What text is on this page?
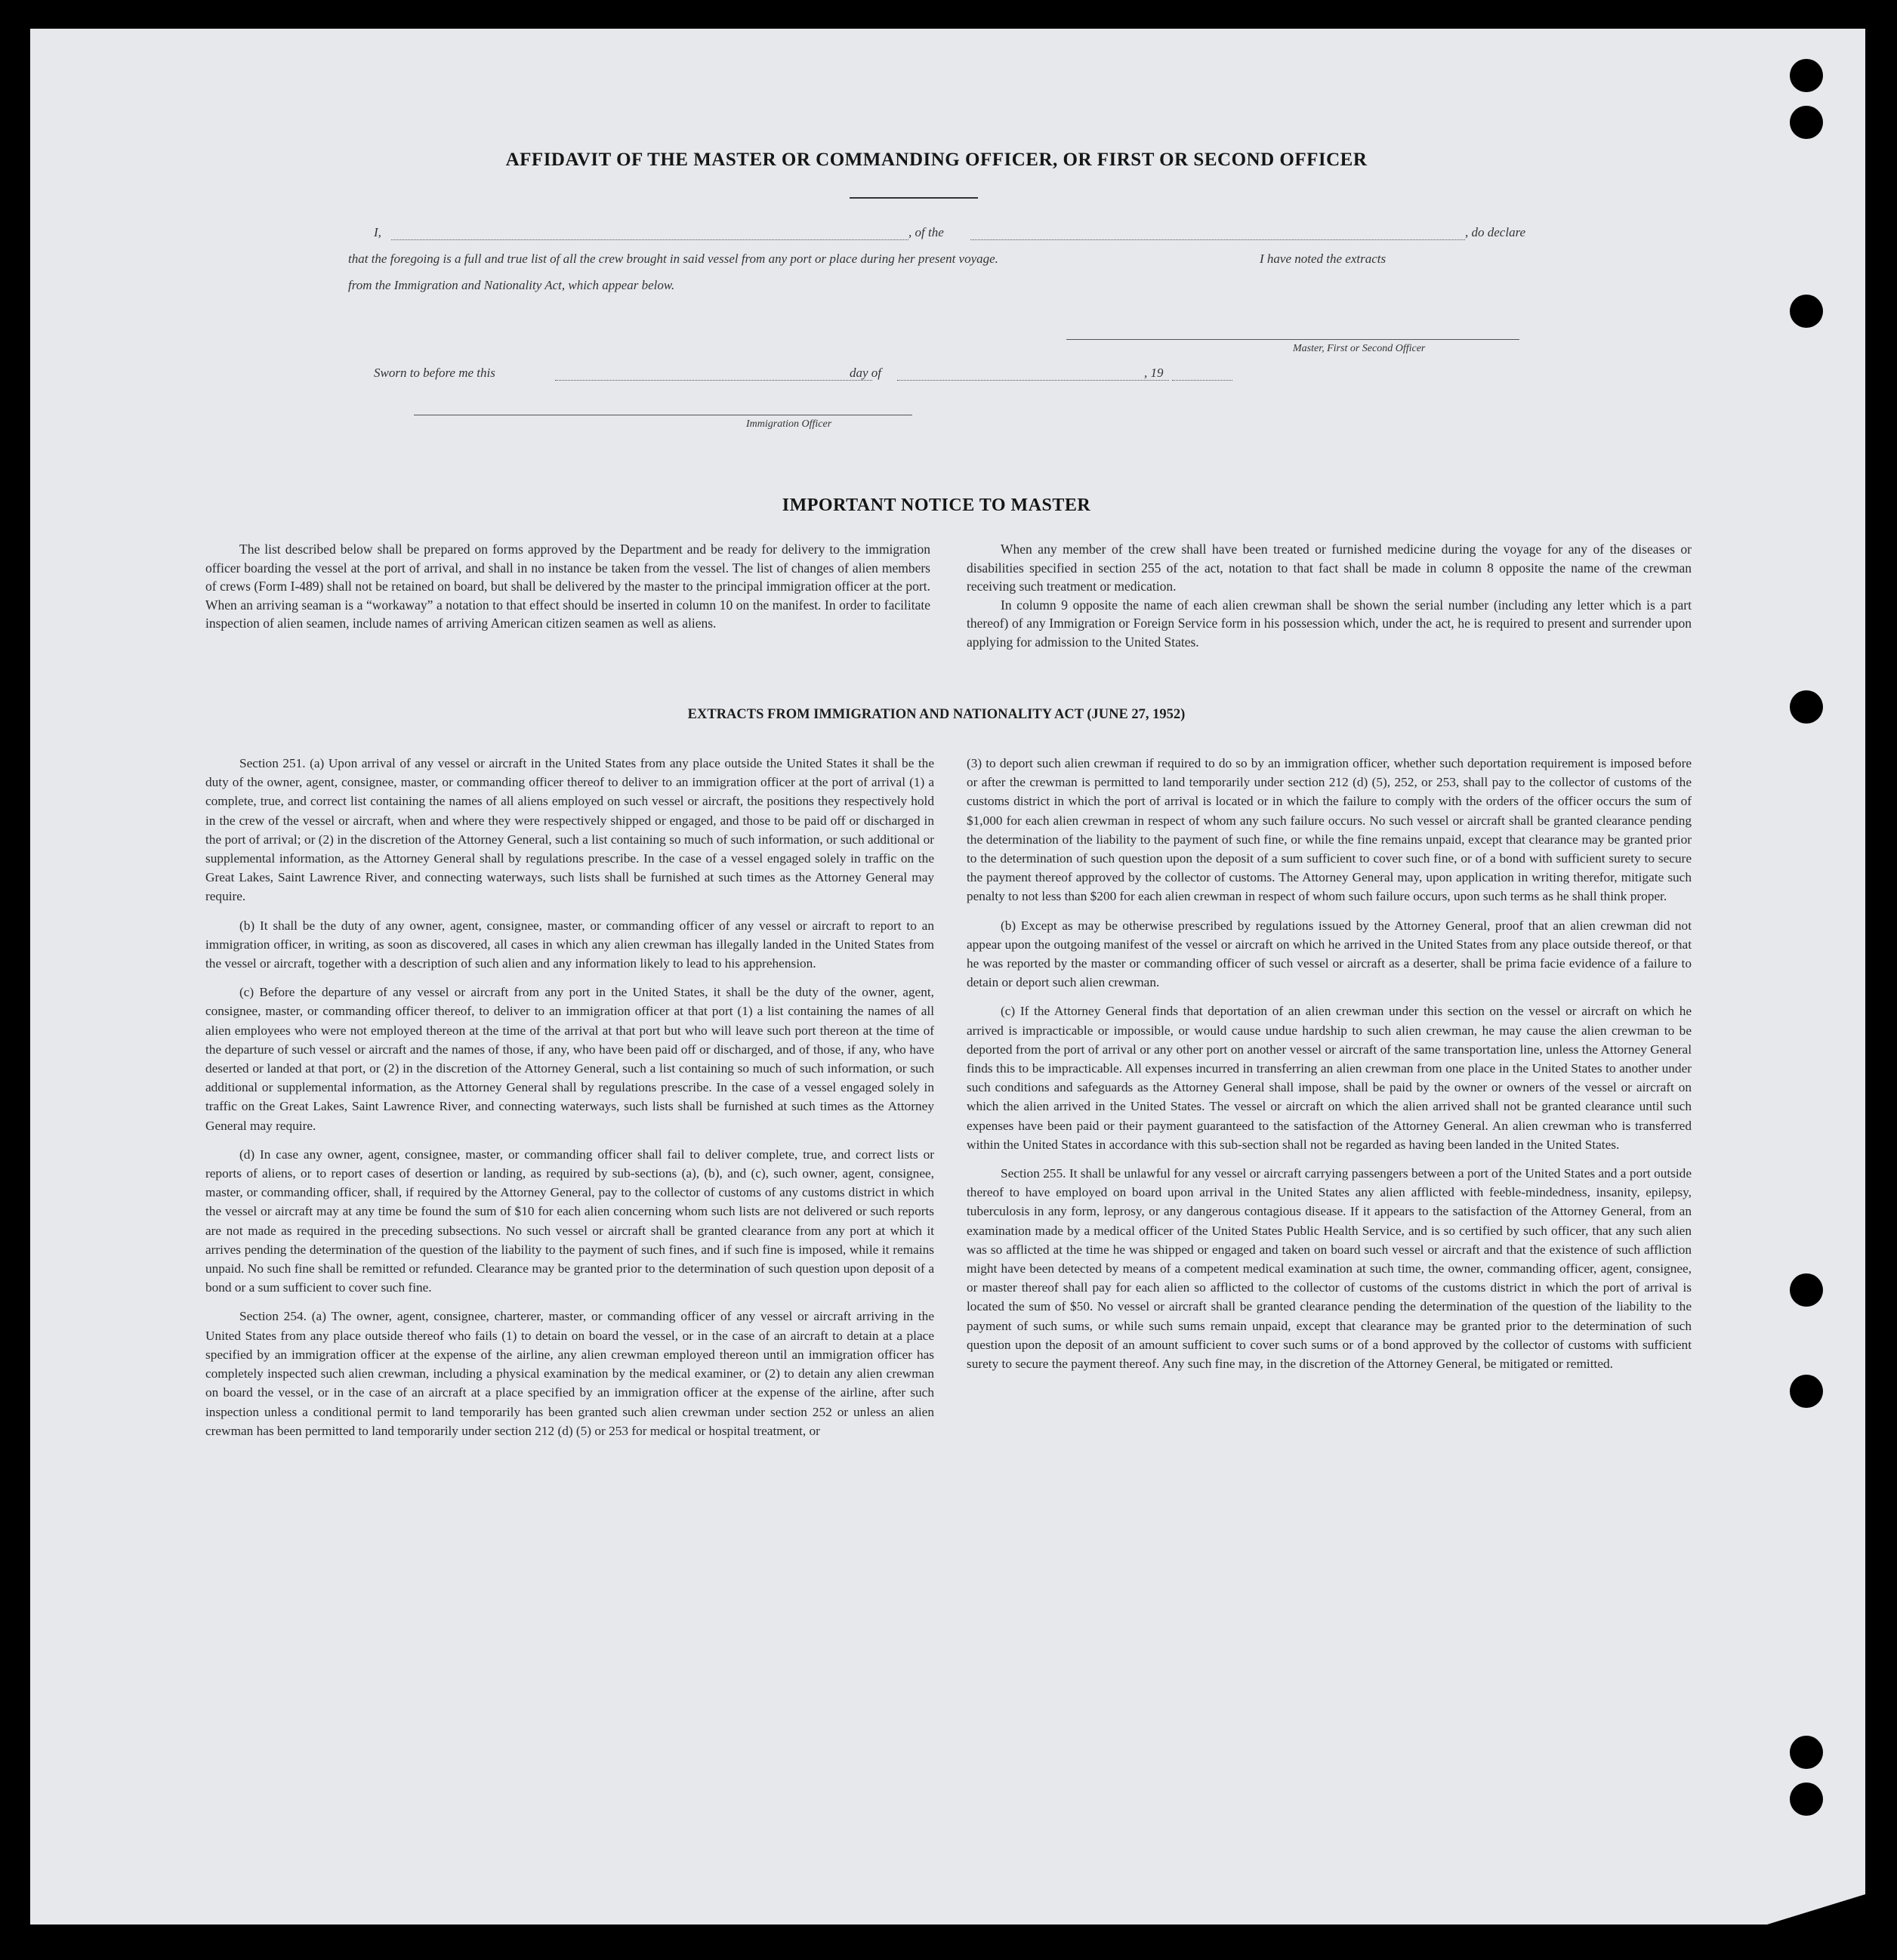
AFFIDAVIT OF THE MASTER OR COMMANDING OFFICER, OR FIRST OR SECOND OFFICER
I,	, of the	, do declare
that the foregoing is a full and true list of all the crew brought in said vessel from any port or place during her present voyage.	I have noted the extracts
from the Immigration and Nationality Act, which appear below.
Master, First or Second Officer
Sworn to before me this	day of	, 19
Immigration Officer
IMPORTANT NOTICE TO MASTER

The list described below shall be prepared on forms approved by the Department and be ready for delivery to the immigration officer boarding the vessel at the port of arrival, and shall in no instance be taken from the vessel. The list of changes of alien members of crews (Form I-489) shall not be retained on board, but shall be delivered by the master to the principal immigration officer at the port. When an arriving seaman is a “workaway” a notation to that effect should be inserted in column 10 on the manifest. In order to facilitate inspection of alien seamen, include names of arriving American citizen seamen as well as aliens.

When any member of the crew shall have been treated or furnished medicine during the voyage for any of the diseases or disabilities specified in section 255 of the act, notation to that fact shall be made in column 8 opposite the name of the crewman receiving such treatment or medication.

In column 9 opposite the name of each alien crewman shall be shown the serial number (including any letter which is a part thereof) of any Immigration or Foreign Service form in his possession which, under the act, he is required to present and surrender upon applying for admission to the United States.

EXTRACTS FROM IMMIGRATION AND NATIONALITY ACT (JUNE 27, 1952)

Section 251. (a) Upon arrival of any vessel or aircraft in the United States from any place outside the United States it shall be the duty of the owner, agent, consignee, master, or commanding officer thereof to deliver to an immigration officer at the port of arrival (1) a complete, true, and correct list containing the names of all aliens employed on such vessel or aircraft, the positions they respectively hold in the crew of the vessel or aircraft, when and where they were respectively shipped or engaged, and those to be paid off or discharged in the port of arrival; or (2) in the discretion of the Attorney General, such a list containing so much of such information, or such additional or supplemental information, as the Attorney General shall by regulations prescribe. In the case of a vessel engaged solely in traffic on the Great Lakes, Saint Lawrence River, and connecting waterways, such lists shall be furnished at such times as the Attorney General may require.

(b) It shall be the duty of any owner, agent, consignee, master, or commanding officer of any vessel or aircraft to report to an immigration officer, in writing, as soon as discovered, all cases in which any alien crewman has illegally landed in the United States from the vessel or aircraft, together with a description of such alien and any information likely to lead to his apprehension.

(c) Before the departure of any vessel or aircraft from any port in the United States, it shall be the duty of the owner, agent, consignee, master, or commanding officer thereof, to deliver to an immigration officer at that port (1) a list containing the names of all alien employees who were not employed thereon at the time of the arrival at that port but who will leave such port thereon at the time of the departure of such vessel or aircraft and the names of those, if any, who have been paid off or discharged, and of those, if any, who have deserted or landed at that port, or (2) in the discretion of the Attorney General, such a list containing so much of such information, or such additional or supplemental information, as the Attorney General shall by regulations prescribe. In the case of a vessel engaged solely in traffic on the Great Lakes, Saint Lawrence River, and connecting waterways, such lists shall be furnished at such times as the Attorney General may require.

(d) In case any owner, agent, consignee, master, or commanding officer shall fail to deliver complete, true, and correct lists or reports of aliens, or to report cases of desertion or landing, as required by sub-sections (a), (b), and (c), such owner, agent, consignee, master, or commanding officer, shall, if required by the Attorney General, pay to the collector of customs of any customs district in which the vessel or aircraft may at any time be found the sum of $10 for each alien concerning whom such lists are not delivered or such reports are not made as required in the preceding subsections. No such vessel or aircraft shall be granted clearance from any port at which it arrives pending the determination of the question of the liability to the payment of such fines, and if such fine is imposed, while it remains unpaid. No such fine shall be remitted or refunded. Clearance may be granted prior to the determination of such question upon deposit of a bond or a sum sufficient to cover such fine.

Section 254. (a) The owner, agent, consignee, charterer, master, or commanding officer of any vessel or aircraft arriving in the United States from any place outside thereof who fails (1) to detain on board the vessel, or in the case of an aircraft to detain at a place specified by an immigration officer at the expense of the airline, any alien crewman employed thereon until an immigration officer has completely inspected such alien crewman, including a physical examination by the medical examiner, or (2) to detain any alien crewman on board the vessel, or in the case of an aircraft at a place specified by an immigration officer at the expense of the airline, after such inspection unless a conditional permit to land temporarily has been granted such alien crewman under section 252 or unless an alien crewman has been permitted to land temporarily under section 212 (d) (5) or 253 for medical or hospital treatment, or

(3) to deport such alien crewman if required to do so by an immigration officer, whether such deportation requirement is imposed before or after the crewman is permitted to land temporarily under section 212 (d) (5), 252, or 253, shall pay to the collector of customs of the customs district in which the port of arrival is located or in which the failure to comply with the orders of the officer occurs the sum of $1,000 for each alien crewman in respect of whom any such failure occurs. No such vessel or aircraft shall be granted clearance pending the determination of the liability to the payment of such fine, or while the fine remains unpaid, except that clearance may be granted prior to the determination of such question upon the deposit of a sum sufficient to cover such fine, or of a bond with sufficient surety to secure the payment thereof approved by the collector of customs. The Attorney General may, upon application in writing therefor, mitigate such penalty to not less than $200 for each alien crewman in respect of whom such failure occurs, upon such terms as he shall think proper.

(b) Except as may be otherwise prescribed by regulations issued by the Attorney General, proof that an alien crewman did not appear upon the outgoing manifest of the vessel or aircraft on which he arrived in the United States from any place outside thereof, or that he was reported by the master or commanding officer of such vessel or aircraft as a deserter, shall be prima facie evidence of a failure to detain or deport such alien crewman.

(c) If the Attorney General finds that deportation of an alien crewman under this section on the vessel or aircraft on which he arrived is impracticable or impossible, or would cause undue hardship to such alien crewman, he may cause the alien crewman to be deported from the port of arrival or any other port on another vessel or aircraft of the same transportation line, unless the Attorney General finds this to be impracticable. All expenses incurred in transferring an alien crewman from one place in the United States to another under such conditions and safeguards as the Attorney General shall impose, shall be paid by the owner or owners of the vessel or aircraft on which the alien arrived in the United States. The vessel or aircraft on which the alien arrived shall not be granted clearance until such expenses have been paid or their payment guaranteed to the satisfaction of the Attorney General. An alien crewman who is transferred within the United States in accordance with this sub-section shall not be regarded as having been landed in the United States.

Section 255. It shall be unlawful for any vessel or aircraft carrying passengers between a port of the United States and a port outside thereof to have employed on board upon arrival in the United States any alien afflicted with feeble-mindedness, insanity, epilepsy, tuberculosis in any form, leprosy, or any dangerous contagious disease. If it appears to the satisfaction of the Attorney General, from an examination made by a medical officer of the United States Public Health Service, and is so certified by such officer, that any such alien was so afflicted at the time he was shipped or engaged and taken on board such vessel or aircraft and that the existence of such affliction might have been detected by means of a competent medical examination at such time, the owner, commanding officer, agent, consignee, or master thereof shall pay for each alien so afflicted to the collector of customs of the customs district in which the port of arrival is located the sum of $50. No vessel or aircraft shall be granted clearance pending the determination of the question of the liability to the payment of such sums, or while such sums remain unpaid, except that clearance may be granted prior to the determination of such question upon the deposit of an amount sufficient to cover such sums or of a bond approved by the collector of customs with sufficient surety to secure the payment thereof. Any such fine may, in the discretion of the Attorney General, be mitigated or remitted.
